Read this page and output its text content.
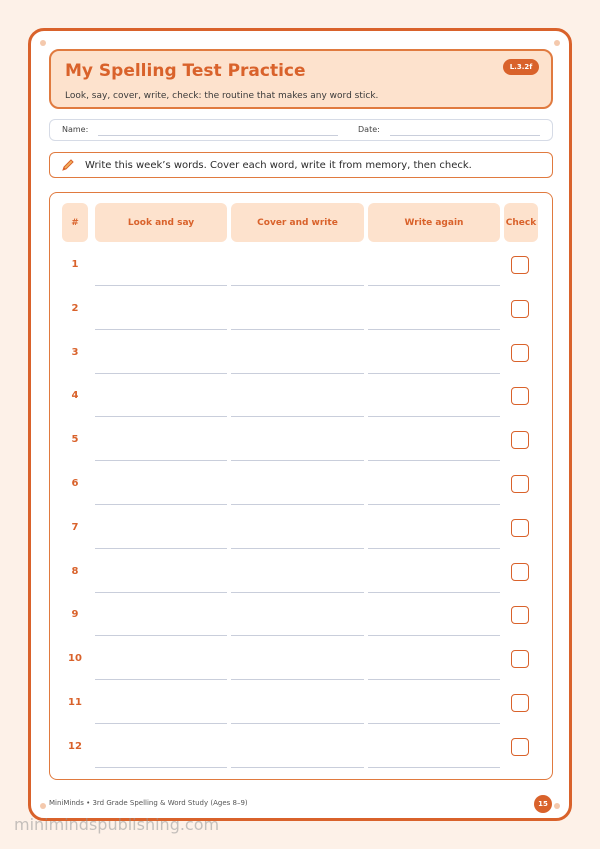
My Spelling Test Practice
Look, say, cover, write, check: the routine that makes any word stick.
L.3.2f
Name:	Date:
Write this week’s words. Cover each word, write it from memory, then check.
#	Look and say	Cover and write	Write again	Check
1
2
3
4
5
6
7
8
9
10
11
12
MiniMinds • 3rd Grade Spelling & Word Study (Ages 8–9)	15
minimindspublishing.com
